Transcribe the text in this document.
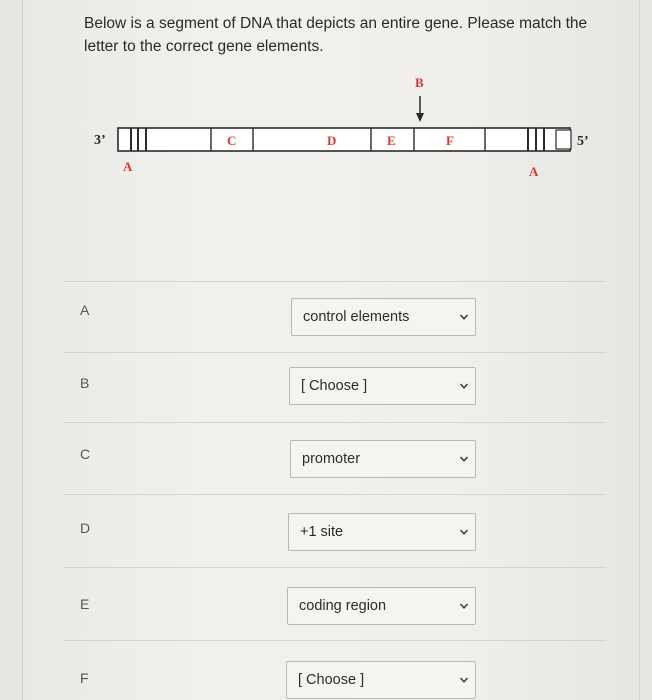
Below is a segment of DNA that depicts an entire gene. Please match the letter to the correct gene elements.
3’	5’
A	A
B
C	D	E	F
A	control elements
B	[ Choose ]
C	promoter
D	+1 site
E	coding region
F	[ Choose ]
